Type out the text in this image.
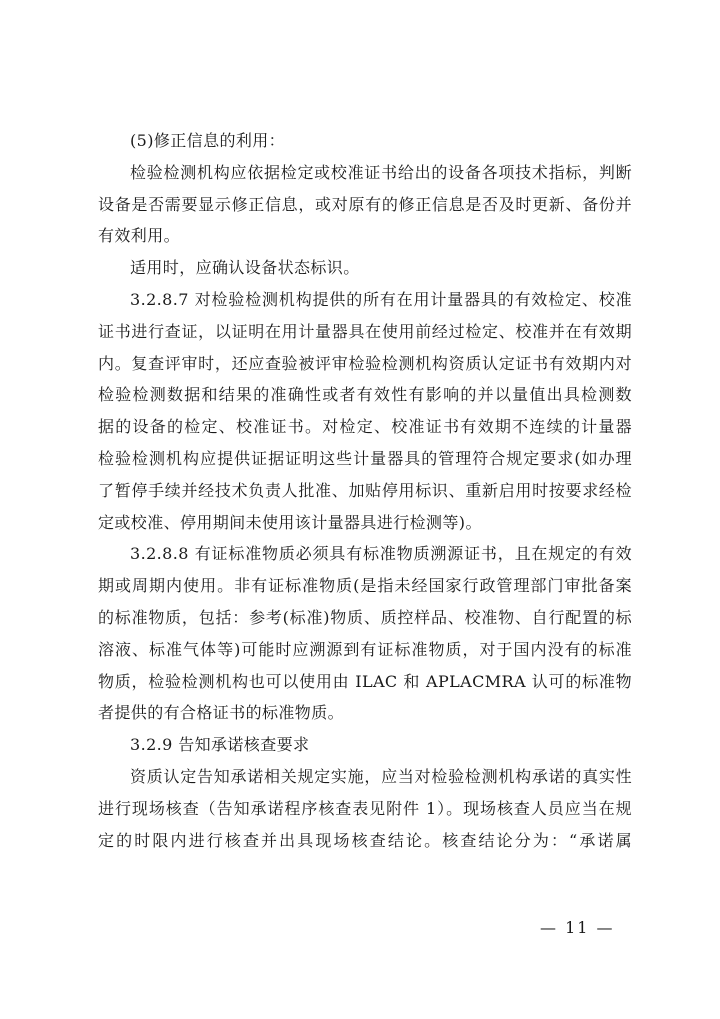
(5)修正信息的利用：
检验检测机构应依据检定或校准证书给出的设备各项技术指标，判断
设备是否需要显示修正信息，或对原有的修正信息是否及时更新、备份并
有效利用。
适用时，应确认设备状态标识。
3.2.8.7 对检验检测机构提供的所有在用计量器具的有效检定、校准
证书进行查证，以证明在用计量器具在使用前经过检定、校准并在有效期
内。复查评审时，还应查验被评审检验检测机构资质认定证书有效期内对
检验检测数据和结果的准确性或者有效性有影响的并以量值出具检测数
据的设备的检定、校准证书。对检定、校准证书有效期不连续的计量器
检验检测机构应提供证据证明这些计量器具的管理符合规定要求(如办理
了暂停手续并经技术负责人批准、加贴停用标识、重新启用时按要求经检
定或校准、停用期间未使用该计量器具进行检测等)。
3.2.8.8 有证标准物质必须具有标准物质溯源证书，且在规定的有效
期或周期内使用。非有证标准物质(是指未经国家行政管理部门审批备案
的标准物质，包括：参考(标准)物质、质控样品、校准物、自行配置的标
溶液、标准气体等)可能时应溯源到有证标准物质，对于国内没有的标准
物质，检验检测机构也可以使用由 ILAC 和 APLACMRA 认可的标准物
者提供的有合格证书的标准物质。
3.2.9 告知承诺核查要求
资质认定告知承诺相关规定实施，应当对检验检测机构承诺的真实性
进行现场核查（告知承诺程序核查表见附件 1）。现场核查人员应当在规
定的时限内进行核查并出具现场核查结论。核查结论分为：“承诺属
— 11 —
